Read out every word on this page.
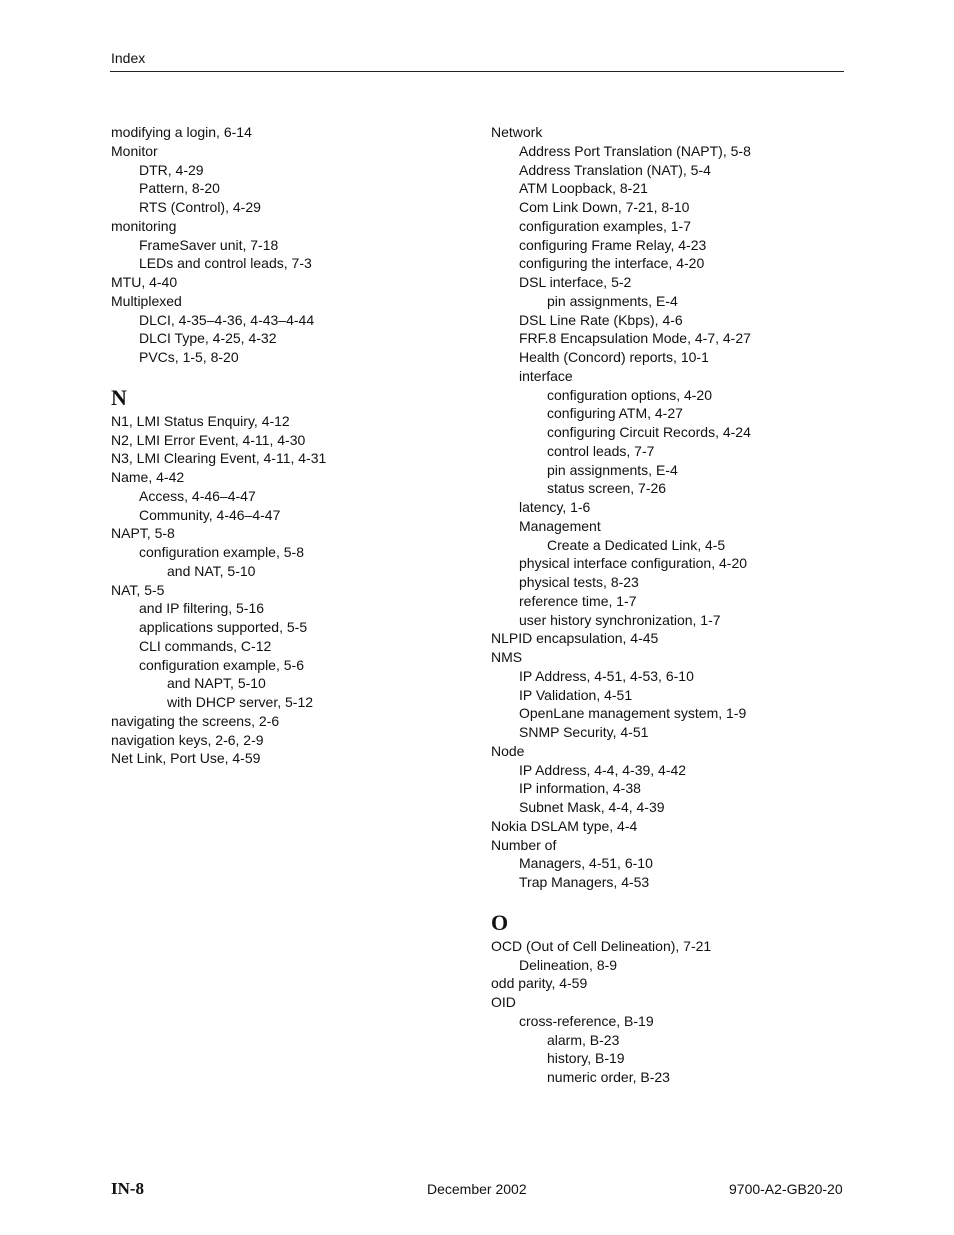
Index
modifying a login, 6-14
Monitor
DTR, 4-29
Pattern, 8-20
RTS (Control), 4-29
monitoring
FrameSaver unit, 7-18
LEDs and control leads, 7-3
MTU, 4-40
Multiplexed
DLCI, 4-35–4-36, 4-43–4-44
DLCI Type, 4-25, 4-32
PVCs, 1-5, 8-20
N
N1, LMI Status Enquiry, 4-12
N2, LMI Error Event, 4-11, 4-30
N3, LMI Clearing Event, 4-11, 4-31
Name, 4-42
Access, 4-46–4-47
Community, 4-46–4-47
NAPT, 5-8
configuration example, 5-8
and NAT, 5-10
NAT, 5-5
and IP filtering, 5-16
applications supported, 5-5
CLI commands, C-12
configuration example, 5-6
and NAPT, 5-10
with DHCP server, 5-12
navigating the screens, 2-6
navigation keys, 2-6, 2-9
Net Link, Port Use, 4-59
Network
Address Port Translation (NAPT), 5-8
Address Translation (NAT), 5-4
ATM Loopback, 8-21
Com Link Down, 7-21, 8-10
configuration examples, 1-7
configuring Frame Relay, 4-23
configuring the interface, 4-20
DSL interface, 5-2
pin assignments, E-4
DSL Line Rate (Kbps), 4-6
FRF.8 Encapsulation Mode, 4-7, 4-27
Health (Concord) reports, 10-1
interface
configuration options, 4-20
configuring ATM, 4-27
configuring Circuit Records, 4-24
control leads, 7-7
pin assignments, E-4
status screen, 7-26
latency, 1-6
Management
Create a Dedicated Link, 4-5
physical interface configuration, 4-20
physical tests, 8-23
reference time, 1-7
user history synchronization, 1-7
NLPID encapsulation, 4-45
NMS
IP Address, 4-51, 4-53, 6-10
IP Validation, 4-51
OpenLane management system, 1-9
SNMP Security, 4-51
Node
IP Address, 4-4, 4-39, 4-42
IP information, 4-38
Subnet Mask, 4-4, 4-39
Nokia DSLAM type, 4-4
Number of
Managers, 4-51, 6-10
Trap Managers, 4-53
O
OCD (Out of Cell Delineation), 7-21
Delineation, 8-9
odd parity, 4-59
OID
cross-reference, B-19
alarm, B-23
history, B-19
numeric order, B-23
IN-8	December 2002	9700-A2-GB20-20
